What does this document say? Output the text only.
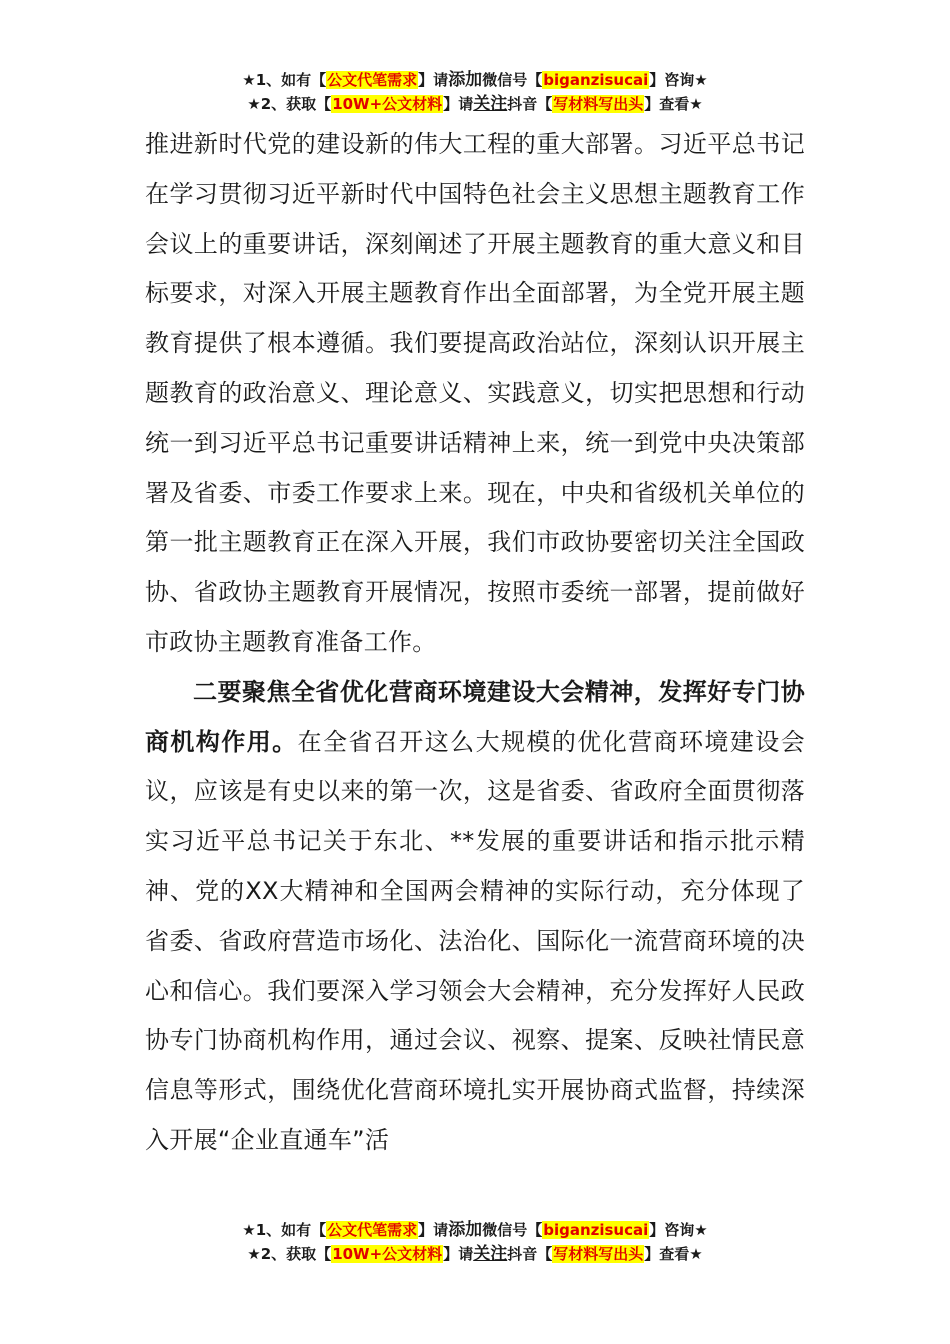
★1、如有【公文代笔需求】请添加微信号【biganzisucai】咨询★
★2、获取【10W+公文材料】请关注抖音【写材料写出头】查看★

推进新时代党的建设新的伟大工程的重大部署。习近平总书记在学习贯彻习近平新时代中国特色社会主义思想主题教育工作会议上的重要讲话，深刻阐述了开展主题教育的重大意义和目标要求，对深入开展主题教育作出全面部署，为全党开展主题教育提供了根本遵循。我们要提高政治站位，深刻认识开展主题教育的政治意义、理论意义、实践意义，切实把思想和行动统一到习近平总书记重要讲话精神上来，统一到党中央决策部署及省委、市委工作要求上来。现在，中央和省级机关单位的第一批主题教育正在深入开展，我们市政协要密切关注全国政协、省政协主题教育开展情况，按照市委统一部署，提前做好市政协主题教育准备工作。

二要聚焦全省优化营商环境建设大会精神，发挥好专门协商机构作用。在全省召开这么大规模的优化营商环境建设会议，应该是有史以来的第一次，这是省委、省政府全面贯彻落实习近平总书记关于东北、**发展的重要讲话和指示批示精神、党的XX大精神和全国两会精神的实际行动，充分体现了省委、省政府营造市场化、法治化、国际化一流营商环境的决心和信心。我们要深入学习领会大会精神，充分发挥好人民政协专门协商机构作用，通过会议、视察、提案、反映社情民意信息等形式，围绕优化营商环境扎实开展协商式监督，持续深入开展“企业直通车”活

★1、如有【公文代笔需求】请添加微信号【biganzisucai】咨询★
★2、获取【10W+公文材料】请关注抖音【写材料写出头】查看★
